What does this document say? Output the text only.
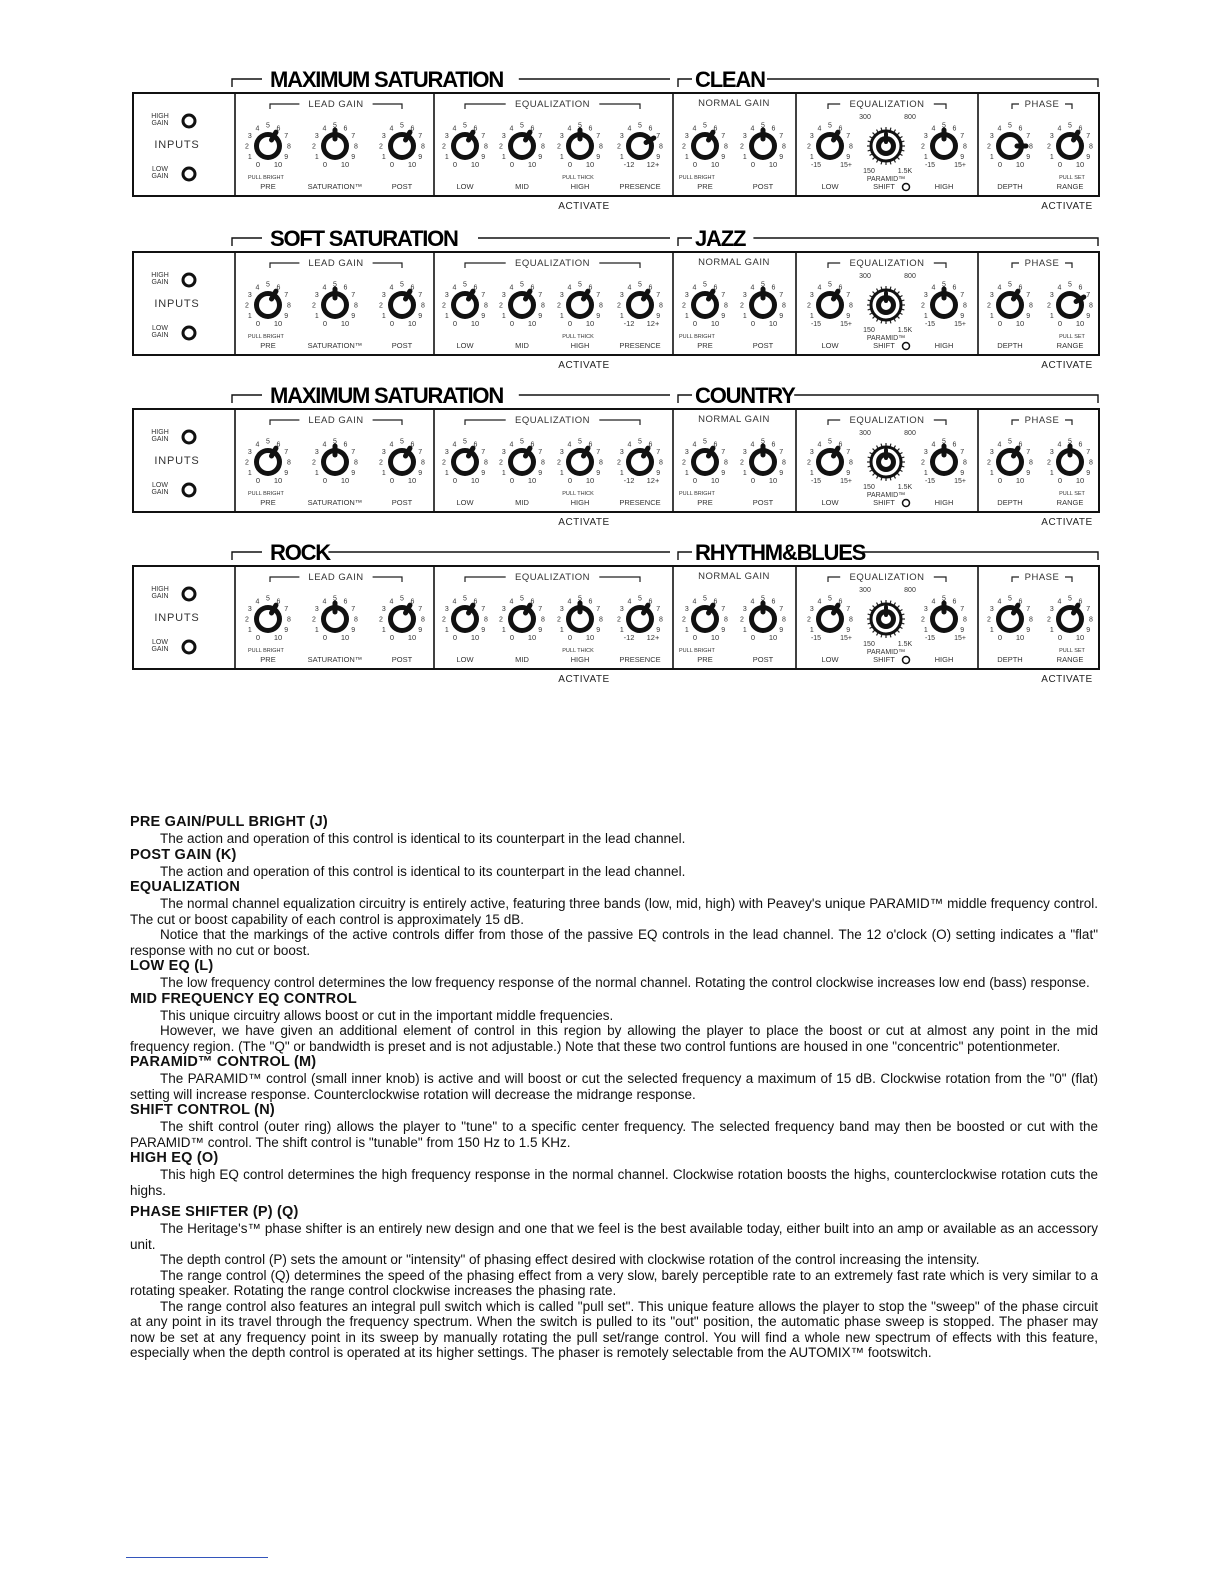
MAXIMUM SATURATION	CLEAN
HIGH
GAIN
INPUTS
LOW
GAIN
LEAD GAIN
1
2
3
4 5 6
7
8
9
0 10
1
2
3
4 5 6
7
8
9
0 10
1
2
3
4 5 6
7
8
9
0 10
PULL BRIGHT
PRE	SATURATION™	POST
EQUALIZATION
1
2
3
4 5 6
7
8
9
0 10
1
2
3
4 5 6
7
8
9
0 10
1
2
3
4 5 6
7
8
9
0 10
1
2
3
4 5 6
7
8
9
-12 12+
PULL THICK
LOW	MID	HIGH	PRESENCE
NORMAL GAIN
1
2
3
4 5 6
7
8
9
0 10
1
2
3
4 5 6
7
8
9
0 10
PULL BRIGHT
PRE	POST
EQUALIZATION
1
2
3
4 5 6
7
8
9	1
2
3
4 5 6
7
8
9
300	800
-15	15+	-15	15+
150	1.5K
PARAMID™
LOW	SHIFT	HIGH
PHASE
1
2
3
4 5 6
7
8
9
0 10
1
2
3
4 5 6
7
8
9
0 10
PULL SET
DEPTH	RANGE
ACTIVATE	ACTIVATE
SOFT SATURATION	JAZZ
HIGH
GAIN
INPUTS
LOW
GAIN
LEAD GAIN
1
2
3
4 5 6
7
8
9
0 10
1
2
3
4 5 6
7
8
9
0 10
1
2
3
4 5 6
7
8
9
0 10
PULL BRIGHT
PRE	SATURATION™	POST
EQUALIZATION
1
2
3
4 5 6
7
8
9
0 10
1
2
3
4 5 6
7
8
9
0 10
1
2
3
4 5 6
7
8
9
0 10
1
2
3
4 5 6
7
8
9
-12 12+
PULL THICK
LOW	MID	HIGH	PRESENCE
NORMAL GAIN
1
2
3
4 5 6
7
8
9
0 10
1
2
3
4 5 6
7
8
9
0 10
PULL BRIGHT
PRE	POST
EQUALIZATION
1
2
3
4 5 6
7
8
9	1
2
3
4 5 6
7
8
9
300	800
-15	15+	-15	15+
150	1.5K
PARAMID™
LOW	SHIFT	HIGH
PHASE
1
2
3
4 5 6
7
8
9
0 10
1
2
3
4 5 6
7
8
9
0 10
PULL SET
DEPTH	RANGE
ACTIVATE	ACTIVATE
MAXIMUM SATURATION	COUNTRY
HIGH
GAIN
INPUTS
LOW
GAIN
LEAD GAIN
1
2
3
4 5 6
7
8
9
0 10
1
2
3
4 5 6
7
8
9
0 10
1
2
3
4 5 6
7
8
9
0 10
PULL BRIGHT
PRE	SATURATION™	POST
EQUALIZATION
1
2
3
4 5 6
7
8
9
0 10
1
2
3
4 5 6
7
8
9
0 10
1
2
3
4 5 6
7
8
9
0 10
1
2
3
4 5 6
7
8
9
-12 12+
PULL THICK
LOW	MID	HIGH	PRESENCE
NORMAL GAIN
1
2
3
4 5 6
7
8
9
0 10
1
2
3
4 5 6
7
8
9
0 10
PULL BRIGHT
PRE	POST
EQUALIZATION
1
2
3
4 5 6
7
8
9	1
2
3
4 5 6
7
8
9
300	800
-15	15+	-15	15+
150	1.5K
PARAMID™
LOW	SHIFT	HIGH
PHASE
1
2
3
4 5 6
7
8
9
0 10
1
2
3
4 5 6
7
8
9
0 10
PULL SET
DEPTH	RANGE
ACTIVATE	ACTIVATE
ROCK	RHYTHM&BLUES
HIGH
GAIN
INPUTS
LOW
GAIN
LEAD GAIN
1
2
3
4 5 6
7
8
9
0 10
1
2
3
4 5 6
7
8
9
0 10
1
2
3
4 5 6
7
8
9
0 10
PULL BRIGHT
PRE	SATURATION™	POST
EQUALIZATION
1
2
3
4 5 6
7
8
9
0 10
1
2
3
4 5 6
7
8
9
0 10
1
2
3
4 5 6
7
8
9
0 10
1
2
3
4 5 6
7
8
9
-12 12+
PULL THICK
LOW	MID	HIGH	PRESENCE
NORMAL GAIN
1
2
3
4 5 6
7
8
9
0 10
1
2
3
4 5 6
7
8
9
0 10
PULL BRIGHT
PRE	POST
EQUALIZATION
1
2
3
4 5 6
7
8
9	1
2
3
4 5 6
7
8
9
300	800
-15	15+	-15	15+
150	1.5K
PARAMID™
LOW	SHIFT	HIGH
PHASE
1
2
3
4 5 6
7
8
9
0 10
1
2
3
4 5 6
7
8
9
0 10
PULL SET
DEPTH	RANGE
ACTIVATE	ACTIVATE
PRE GAIN/PULL BRIGHT (J)

The action and operation of this control is identical to its counterpart in the lead channel.

POST GAIN (K)

The action and operation of this control is identical to its counterpart in the lead channel.

EQUALIZATION

The normal channel equalization circuitry is entirely active, featuring three bands (low, mid, high) with Peavey's unique PARAMID™ middle frequency control. The cut or boost capability of each control is approximately 15 dB.

Notice that the markings of the active controls differ from those of the passive EQ controls in the lead channel. The 12 o'clock (O) setting indicates a "flat" response with no cut or boost.

LOW EQ (L)

The low frequency control determines the low frequency response of the normal channel. Rotating the control clockwise increases low end (bass) response.

MID FREQUENCY EQ CONTROL

This unique circuitry allows boost or cut in the important middle frequencies.

However, we have given an additional element of control in this region by allowing the player to place the boost or cut at almost any point in the mid frequency region. (The "Q" or bandwidth is preset and is not adjustable.) Note that these two control funtions are housed in one "concentric" potentionmeter.

PARAMID™ CONTROL (M)

The PARAMID™ control (small inner knob) is active and will boost or cut the selected frequency a maximum of 15 dB. Clockwise rotation from the "0" (flat) setting will increase response. Counterclockwise rotation will decrease the midrange response.

SHIFT CONTROL (N)

The shift control (outer ring) allows the player to "tune" to a specific center frequency. The selected frequency band may then be boosted or cut with the PARAMID™ control. The shift control is "tunable" from 150 Hz to 1.5 KHz.

HIGH EQ (O)

This high EQ control determines the high frequency response in the normal channel. Clockwise rotation boosts the highs, counterclockwise rotation cuts the highs.

PHASE SHIFTER (P) (Q)

The Heritage's™ phase shifter is an entirely new design and one that we feel is the best available today, either built into an amp or available as an accessory unit.

The depth control (P) sets the amount or "intensity" of phasing effect desired with clockwise rotation of the control increasing the intensity.

The range control (Q) determines the speed of the phasing effect from a very slow, barely perceptible rate to an extremely fast rate which is very similar to a rotating speaker. Rotating the range control clockwise increases the phasing rate.

The range control also features an integral pull switch which is called "pull set". This unique feature allows the player to stop the "sweep" of the phase circuit at any point in its travel through the frequency spectrum. When the switch is pulled to its "out" position, the automatic phase sweep is stopped. The phaser may now be set at any frequency point in its sweep by manually rotating the pull set/range control. You will find a whole new spectrum of effects with this feature, especially when the depth control is operated at its higher settings. The phaser is remotely selectable from the AUTOMIX™ footswitch.
